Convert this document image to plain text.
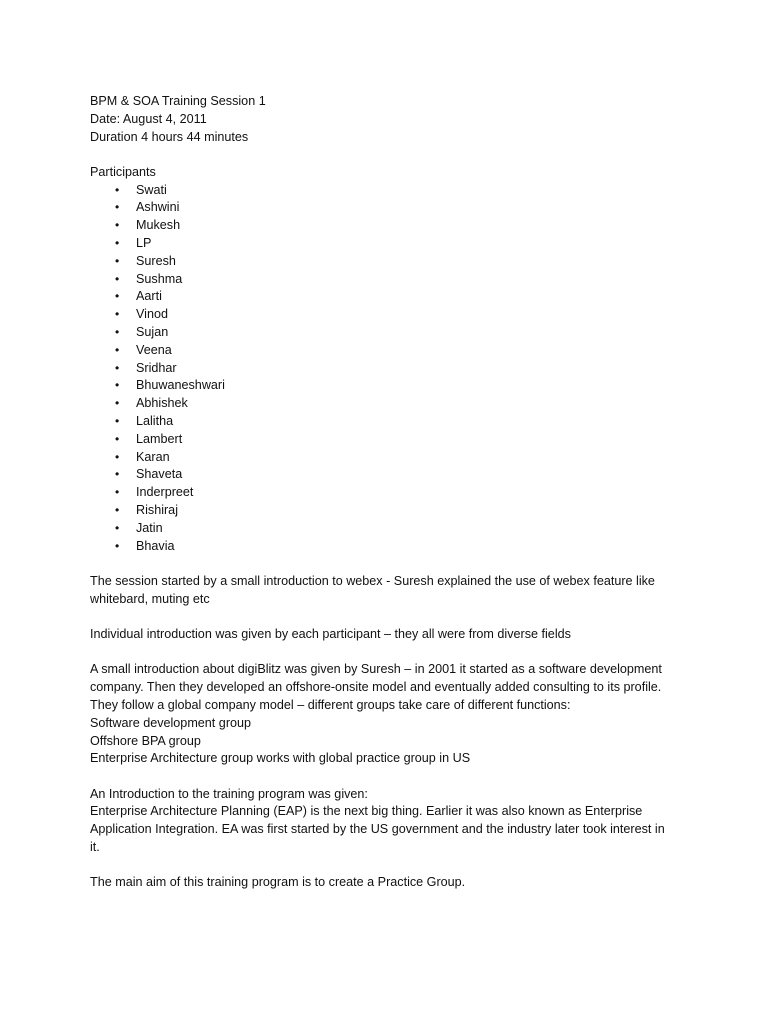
BPM & SOA Training Session 1
Date: August 4, 2011
Duration 4 hours 44 minutes
Participants
•	Swati
•	Ashwini
•	Mukesh
•	LP
•	Suresh
•	Sushma
•	Aarti
•	Vinod
•	Sujan
•	Veena
•	Sridhar
•	Bhuwaneshwari
•	Abhishek
•	Lalitha
•	Lambert
•	Karan
•	Shaveta
•	Inderpreet
•	Rishiraj
•	Jatin
•	Bhavia
The session started by a small introduction to webex - Suresh explained the use of webex feature like
whitebard, muting etc
Individual introduction was given by each participant – they all were from diverse fields
A small introduction about digiBlitz was given by Suresh – in 2001 it started as a software development
company. Then they developed an offshore-onsite model and eventually added consulting to its profile.
They follow a global company model – different groups take care of different functions:
Software development group
Offshore BPA group
Enterprise Architecture group works with global practice group in US
An Introduction to the training program was given:
Enterprise Architecture Planning (EAP) is the next big thing. Earlier it was also known as Enterprise
Application Integration. EA was first started by the US government and the industry later took interest in
it.
The main aim of this training program is to create a Practice Group.
